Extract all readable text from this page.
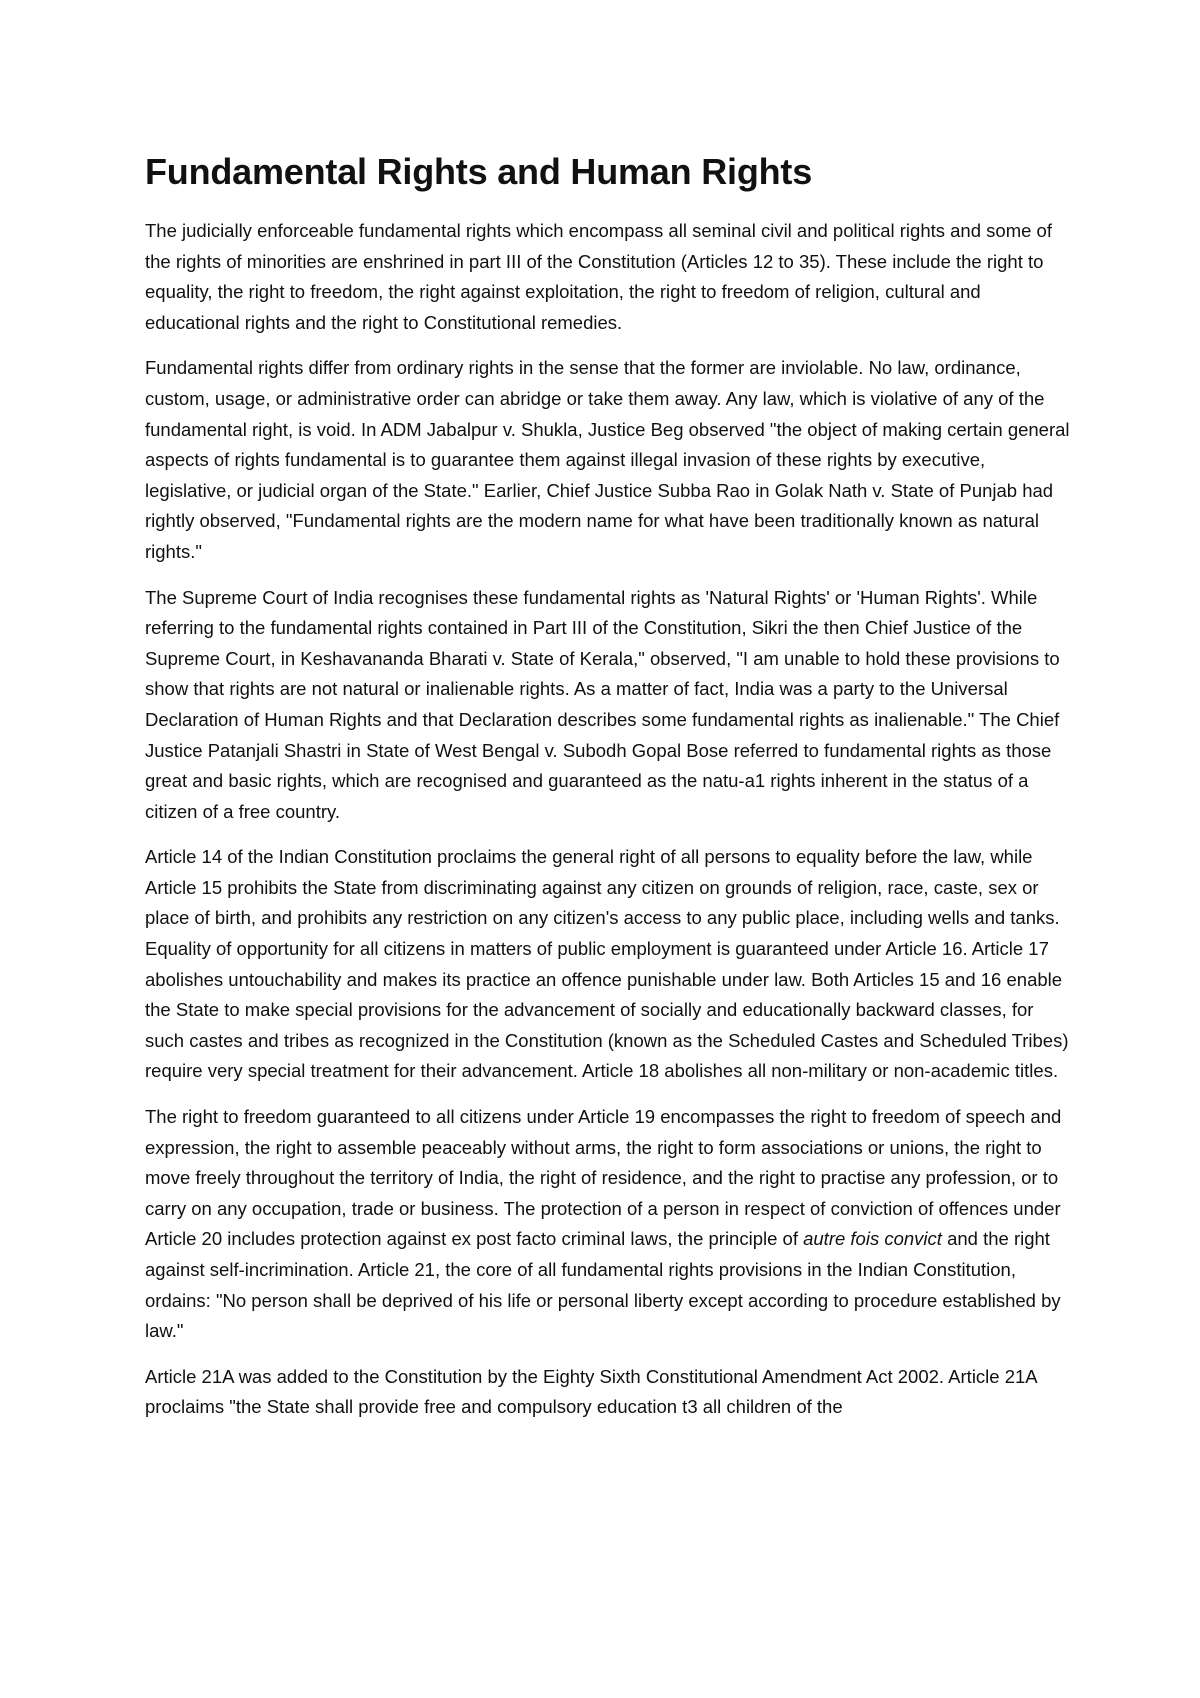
Fundamental Rights and Human Rights

The judicially enforceable fundamental rights which encompass all seminal civil and political rights and some of the rights of minorities are enshrined in part III of the Constitution (Articles 12 to 35). These include the right to equality, the right to freedom, the right against exploitation, the right to freedom of religion, cultural and educational rights and the right to Constitutional remedies.

Fundamental rights differ from ordinary rights in the sense that the former are inviolable. No law, ordinance, custom, usage, or administrative order can abridge or take them away. Any law, which is violative of any of the fundamental right, is void. In ADM Jabalpur v. Shukla, Justice Beg observed "the object of making certain general aspects of rights fundamental is to guarantee them against illegal invasion of these rights by executive, legislative, or judicial organ of the State." Earlier, Chief Justice Subba Rao in Golak Nath v. State of Punjab had rightly observed, "Fundamental rights are the modern name for what have been traditionally known as natural rights."

The Supreme Court of India recognises these fundamental rights as 'Natural Rights' or 'Human Rights'. While referring to the fundamental rights contained in Part III of the Constitution, Sikri the then Chief Justice of the Supreme Court, in Keshavananda Bharati v. State of Kerala," observed, "I am unable to hold these provisions to show that rights are not natural or inalienable rights. As a matter of fact, India was a party to the Universal Declaration of Human Rights and that Declaration describes some fundamental rights as inalienable." The Chief Justice Patanjali Shastri in State of West Bengal v. Subodh Gopal Bose referred to fundamental rights as those great and basic rights, which are recognised and guaranteed as the natu-a1 rights inherent in the status of a citizen of a free country.

Article 14 of the Indian Constitution proclaims the general right of all persons to equality before the law, while Article 15 prohibits the State from discriminating against any citizen on grounds of religion, race, caste, sex or place of birth, and prohibits any restriction on any citizen's access to any public place, including wells and tanks. Equality of opportunity for all citizens in matters of public employment is guaranteed under Article 16. Article 17 abolishes untouchability and makes its practice an offence punishable under law. Both Articles 15 and 16 enable the State to make special provisions for the advancement of socially and educationally backward classes, for such castes and tribes as recognized in the Constitution (known as the Scheduled Castes and Scheduled Tribes) require very special treatment for their advancement. Article 18 abolishes all non-military or non-academic titles.

The right to freedom guaranteed to all citizens under Article 19 encompasses the right to freedom of speech and expression, the right to assemble peaceably without arms, the right to form associations or unions, the right to move freely throughout the territory of India, the right of residence, and the right to practise any profession, or to carry on any occupation, trade or business. The protection of a person in respect of conviction of offences under Article 20 includes protection against ex post facto criminal laws, the principle of autre fois convict and the right against self-incrimination. Article 21, the core of all fundamental rights provisions in the Indian Constitution, ordains: "No person shall be deprived of his life or personal liberty except according to procedure established by law."

Article 21A was added to the Constitution by the Eighty Sixth Constitutional Amendment Act 2002. Article 21A proclaims "the State shall provide free and compulsory education t3 all children of the
